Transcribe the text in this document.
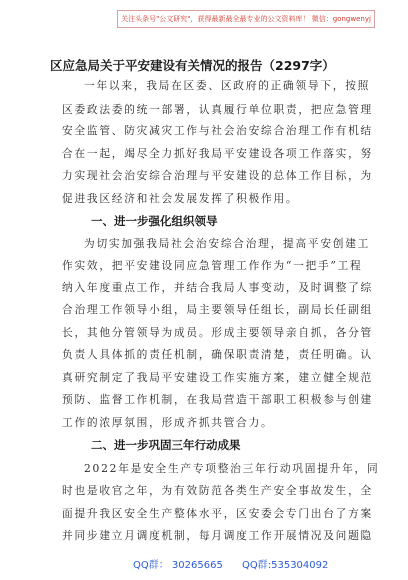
关注头条号"公文研究"，获得最新最全最专业的公文资料库！ 微信：gongwenyj
区应急局关于平安建设有关情况的报告（2297字）
一年以来，我局在区委、区政府的正确领导下，按照
区委政法委的统一部署，认真履行单位职责，把应急管理
安全监管、防灾减灾工作与社会治安综合治理工作有机结
合在一起，竭尽全力抓好我局平安建设各项工作落实，努
力实现社会治安综合治理与平安建设的总体工作目标，为
促进我区经济和社会发展发挥了积极作用。
一、进一步强化组织领导
为切实加强我局社会治安综合治理，提高平安创建工
作实效，把平安建设同应急管理工作作为“一把手”工程
纳入年度重点工作，并结合我局人事变动，及时调整了综
合治理工作领导小组，局主要领导任组长，副局长任副组
长，其他分管领导为成员。形成主要领导亲自抓，各分管
负责人具体抓的责任机制，确保职责清楚，责任明确。认
真研究制定了我局平安建设工作实施方案，建立健全规范
预防、监督工作机制，在我局营造干部职工积极参与创建
工作的浓厚氛围，形成齐抓共管合力。
二、进一步巩固三年行动成果
2022年是安全生产专项整治三年行动巩固提升年，同
时也是收官之年，为有效防范各类生产安全事故发生，全
面提升我区安全生产整体水平，区安委会专门出台了方案
并同步建立月调度机制，每月调度工作开展情况及问题隐
QQ群： 30265665 QQ群:535304092
